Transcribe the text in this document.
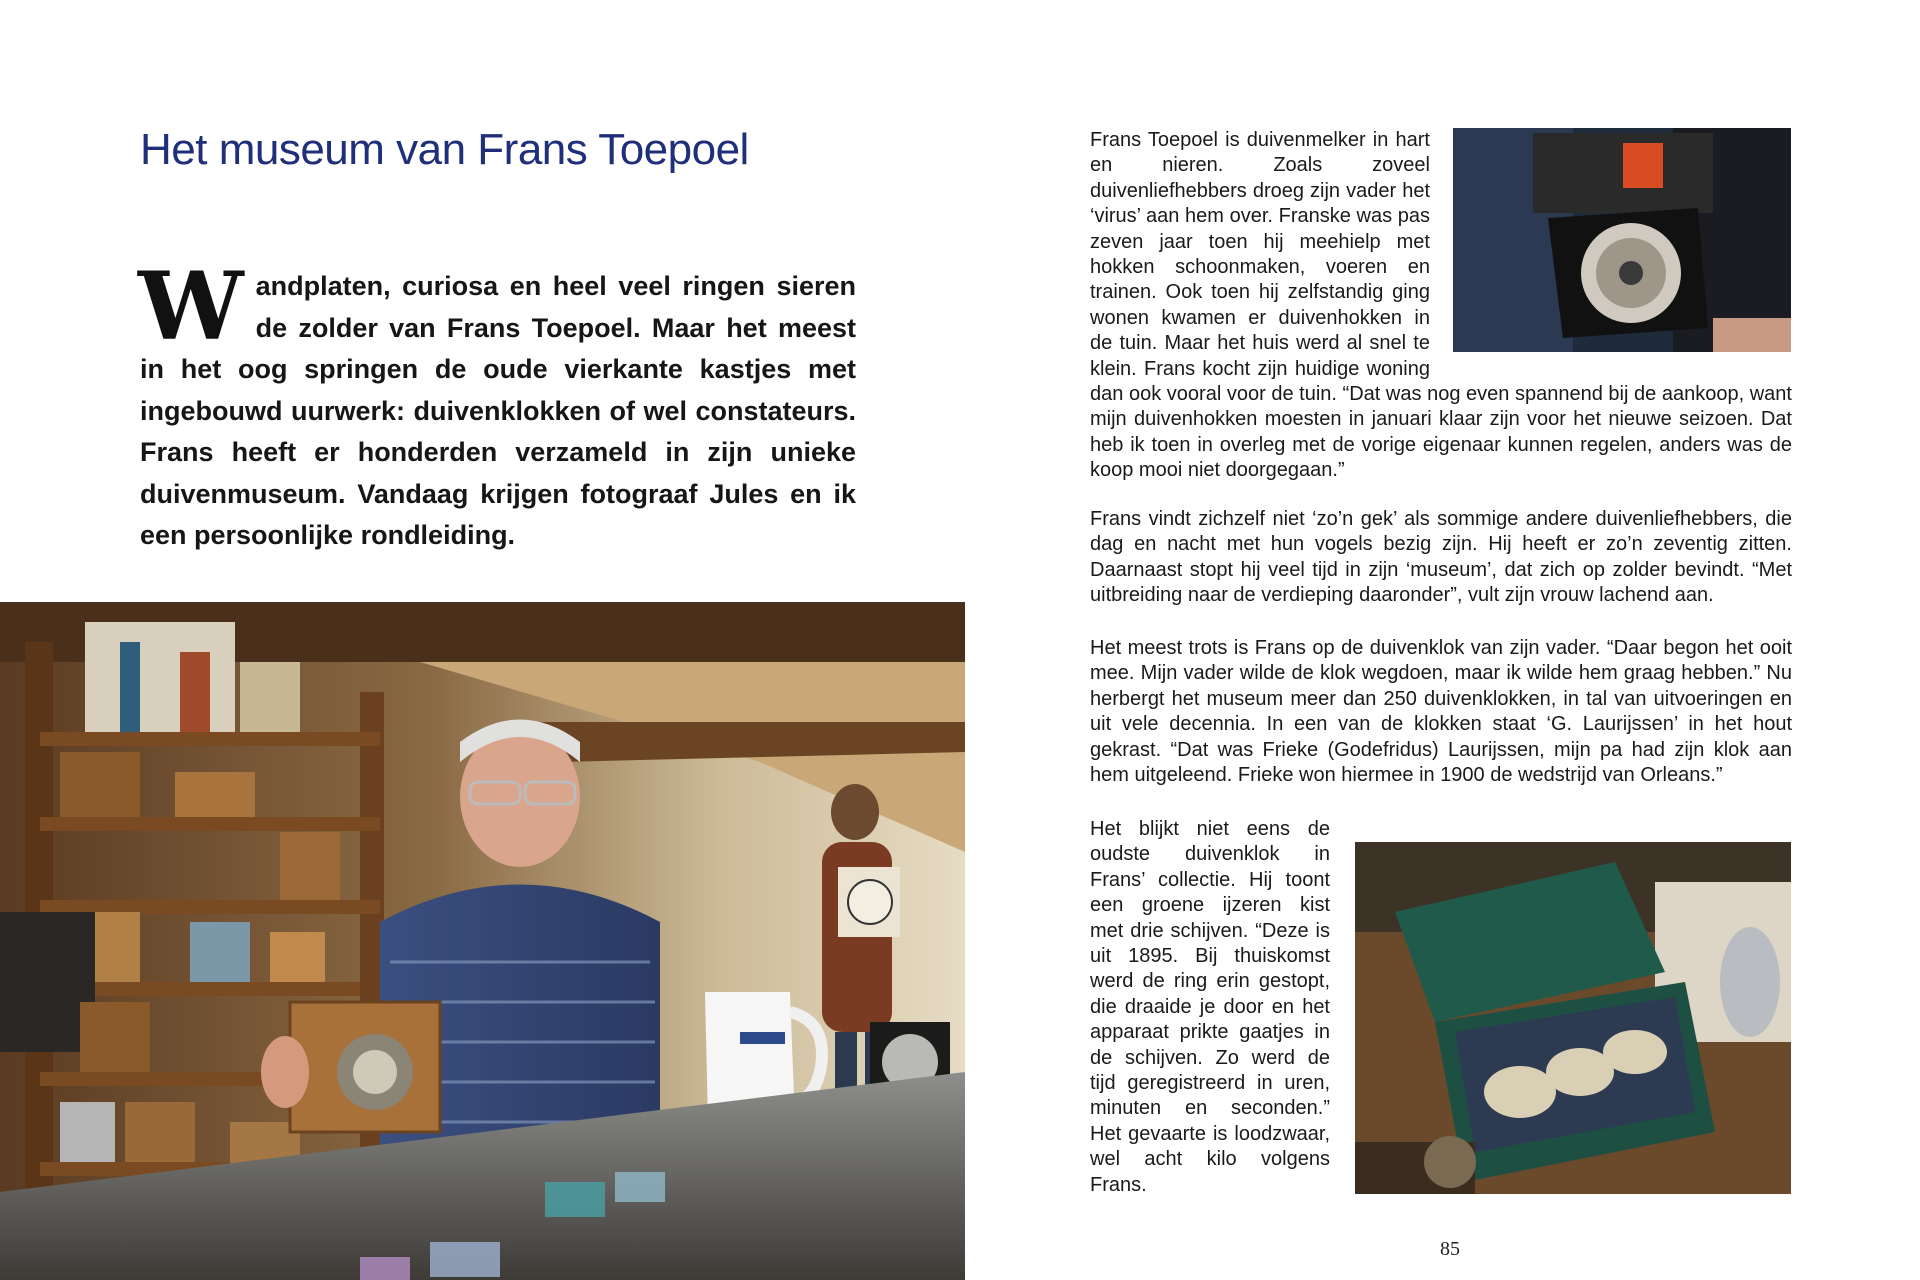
Het museum van Frans Toepoel

Wandplaten, curiosa en heel veel ringen sieren de zolder van Frans Toepoel. Maar het meest in het oog springen de oude vierkante kastjes met ingebouwd uurwerk: duivenklokken of wel constateurs. Frans heeft er honderden verzameld in zijn unieke duivenmuseum. Vandaag krijgen fotograaf Jules en ik een persoonlijke rondleiding.

Frans Toepoel is duivenmelker in hart en nieren. Zoals zoveel duivenliefhebbers droeg zijn vader het ‘virus’ aan hem over. Franske was pas zeven jaar toen hij meehielp met hokken schoonmaken, voeren en trainen. Ook toen hij zelfstandig ging wonen kwamen er duivenhokken in de tuin. Maar het huis werd al snel te klein. Frans kocht zijn huidige woning dan ook vooral voor de tuin. “Dat was nog even spannend bij de aankoop, want mijn duivenhokken moesten in januari klaar zijn voor het nieuwe seizoen. Dat heb ik toen in overleg met de vorige eigenaar kunnen regelen, anders was de koop mooi niet doorgegaan.”

Frans vindt zichzelf niet ‘zo’n gek’ als sommige andere duivenliefhebbers, die dag en nacht met hun vogels bezig zijn. Hij heeft er zo’n zeventig zitten. Daarnaast stopt hij veel tijd in zijn ‘museum’, dat zich op zolder bevindt. “Met uitbreiding naar de verdieping daaronder”, vult zijn vrouw lachend aan.

Het meest trots is Frans op de duivenklok van zijn vader. “Daar begon het ooit mee. Mijn vader wilde de klok wegdoen, maar ik wilde hem graag hebben.” Nu herbergt het museum meer dan 250 duivenklokken, in tal van uitvoeringen en uit vele decennia. In een van de klokken staat ‘G. Laurijssen’ in het hout gekrast. “Dat was Frieke (Godefridus) Laurijssen, mijn pa had zijn klok aan hem uitgeleend. Frieke won hiermee in 1900 de wedstrijd van Orleans.”

Het blijkt niet eens de oudste duivenklok in Frans’ collectie. Hij toont een groene ijzeren kist met drie schijven. “Deze is uit 1895. Bij thuiskomst werd de ring erin gestopt, die draaide je door en het apparaat prikte gaatjes in de schijven. Zo werd de tijd geregistreerd in uren, minuten en seconden.” Het gevaarte is loodzwaar, wel acht kilo volgens Frans.

85
